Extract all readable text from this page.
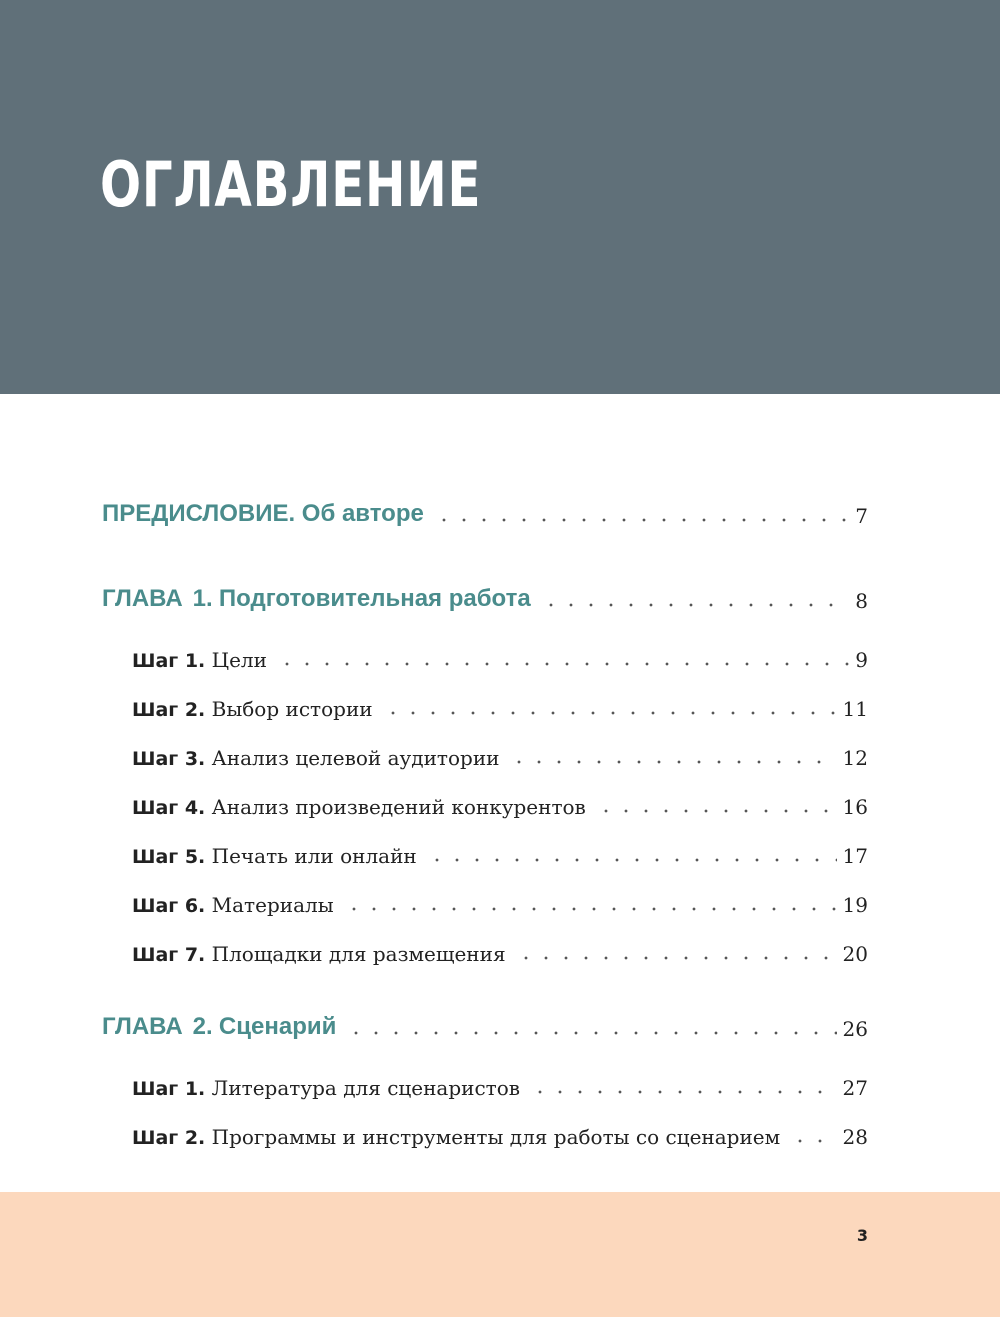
ОГЛАВЛЕНИЕ
ПРЕДИСЛОВИЕ. Об авторе	7
ГЛАВА 1. Подготовительная работа	8
Шаг 1. Цели	9
Шаг 2. Выбор истории	11
Шаг 3. Анализ целевой аудитории	12
Шаг 4. Анализ произведений конкурентов	16
Шаг 5. Печать или онлайн	17
Шаг 6. Материалы	19
Шаг 7. Площадки для размещения	20
ГЛАВА 2. Сценарий	26
Шаг 1. Литература для сценаристов	27
Шаг 2. Программы и инструменты для работы со сценарием	28
3
